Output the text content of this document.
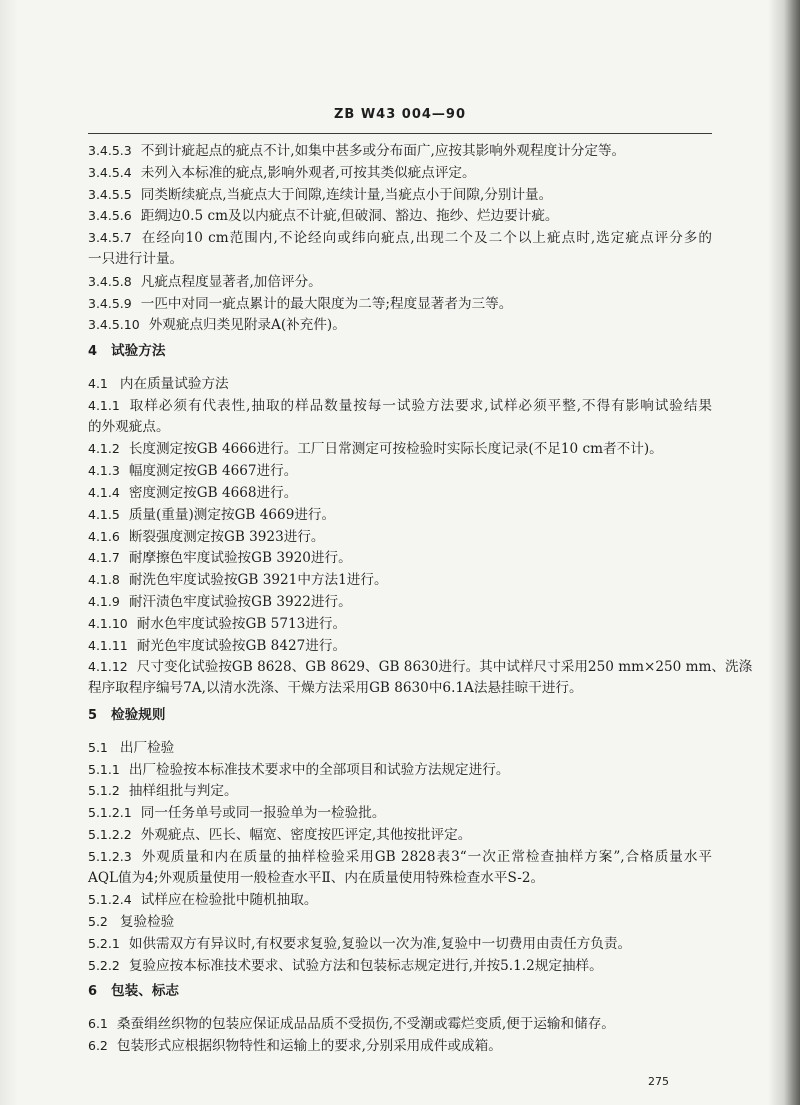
ZB W43 004—90
3.4.5.3 不到计疵起点的疵点不计,如集中甚多或分布面广,应按其影响外观程度计分定等。
3.4.5.4 未列入本标准的疵点,影响外观者,可按其类似疵点评定。
3.4.5.5 同类断续疵点,当疵点大于间隙,连续计量,当疵点小于间隙,分别计量。
3.4.5.6 距绸边0.5 cm及以内疵点不计疵,但破洞、豁边、拖纱、烂边要计疵。
3.4.5.7 在经向10 cm范围内,不论经向或纬向疵点,出现二个及二个以上疵点时,选定疵点评分多的
一只进行计量。
3.4.5.8 凡疵点程度显著者,加倍评分。
3.4.5.9 一匹中对同一疵点累计的最大限度为二等;程度显著者为三等。
3.4.5.10 外观疵点归类见附录A(补充件)。
4 试验方法
4.1 内在质量试验方法
4.1.1 取样必须有代表性,抽取的样品数量按每一试验方法要求,试样必须平整,不得有影响试验结果
的外观疵点。
4.1.2 长度测定按GB 4666进行。工厂日常测定可按检验时实际长度记录(不足10 cm者不计)。
4.1.3 幅度测定按GB 4667进行。
4.1.4 密度测定按GB 4668进行。
4.1.5 质量(重量)测定按GB 4669进行。
4.1.6 断裂强度测定按GB 3923进行。
4.1.7 耐摩擦色牢度试验按GB 3920进行。
4.1.8 耐洗色牢度试验按GB 3921中方法1进行。
4.1.9 耐汗渍色牢度试验按GB 3922进行。
4.1.10 耐水色牢度试验按GB 5713进行。
4.1.11 耐光色牢度试验按GB 8427进行。
4.1.12 尺寸变化试验按GB 8628、GB 8629、GB 8630进行。其中试样尺寸采用250 mm×250 mm、洗涤
程序取程序编号7A,以清水洗涤、干燥方法采用GB 8630中6.1A法悬挂晾干进行。
5 检验规则
5.1 出厂检验
5.1.1 出厂检验按本标准技术要求中的全部项目和试验方法规定进行。
5.1.2 抽样组批与判定。
5.1.2.1 同一任务单号或同一报验单为一检验批。
5.1.2.2 外观疵点、匹长、幅宽、密度按匹评定,其他按批评定。
5.1.2.3 外观质量和内在质量的抽样检验采用GB 2828表3“一次正常检查抽样方案”,合格质量水平
AQL值为4;外观质量使用一般检查水平Ⅱ、内在质量使用特殊检查水平S-2。
5.1.2.4 试样应在检验批中随机抽取。
5.2 复验检验
5.2.1 如供需双方有异议时,有权要求复验,复验以一次为准,复验中一切费用由责任方负责。
5.2.2 复验应按本标准技术要求、试验方法和包装标志规定进行,并按5.1.2规定抽样。
6 包装、标志
6.1 桑蚕绢丝织物的包装应保证成品品质不受损伤,不受潮或霉烂变质,便于运输和储存。
6.2 包装形式应根据织物特性和运输上的要求,分别采用成件或成箱。
275
